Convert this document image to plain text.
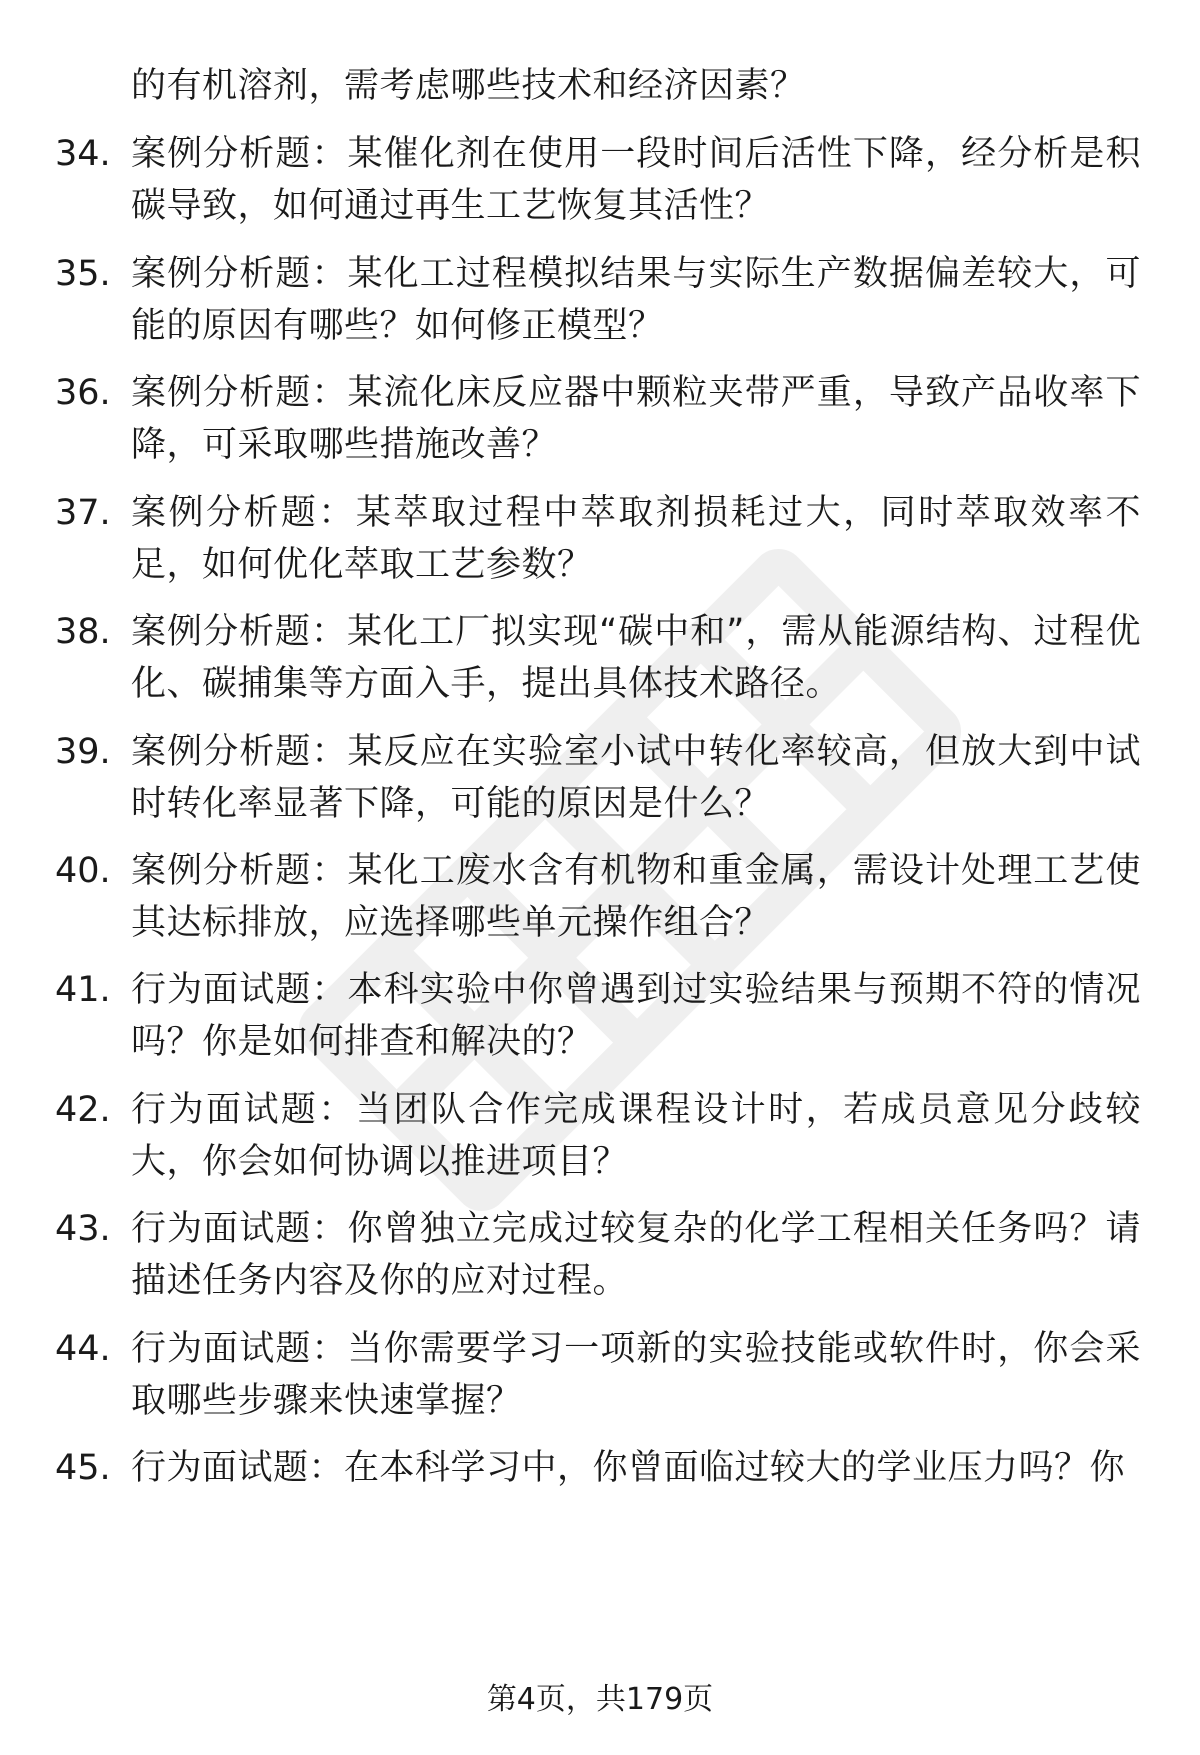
的有机溶剂，需考虑哪些技术和经济因素？
34. 案例分析题：某催化剂在使用一段时间后活性下降，经分析是积碳导致，如何通过再生工艺恢复其活性？
35. 案例分析题：某化工过程模拟结果与实际生产数据偏差较大，可能的原因有哪些？如何修正模型？
36. 案例分析题：某流化床反应器中颗粒夹带严重，导致产品收率下降，可采取哪些措施改善？
37. 案例分析题：某萃取过程中萃取剂损耗过大，同时萃取效率不足，如何优化萃取工艺参数？
38. 案例分析题：某化工厂拟实现“碳中和”，需从能源结构、过程优化、碳捕集等方面入手，提出具体技术路径。
39. 案例分析题：某反应在实验室小试中转化率较高，但放大到中试时转化率显著下降，可能的原因是什么？
40. 案例分析题：某化工废水含有机物和重金属，需设计处理工艺使其达标排放，应选择哪些单元操作组合？
41. 行为面试题：本科实验中你曾遇到过实验结果与预期不符的情况吗？你是如何排查和解决的？
42. 行为面试题：当团队合作完成课程设计时，若成员意见分歧较大，你会如何协调以推进项目？
43. 行为面试题：你曾独立完成过较复杂的化学工程相关任务吗？请描述任务内容及你的应对过程。
44. 行为面试题：当你需要学习一项新的实验技能或软件时，你会采取哪些步骤来快速掌握？
45. 行为面试题：在本科学习中，你曾面临过较大的学业压力吗？你
第4页，共179页
